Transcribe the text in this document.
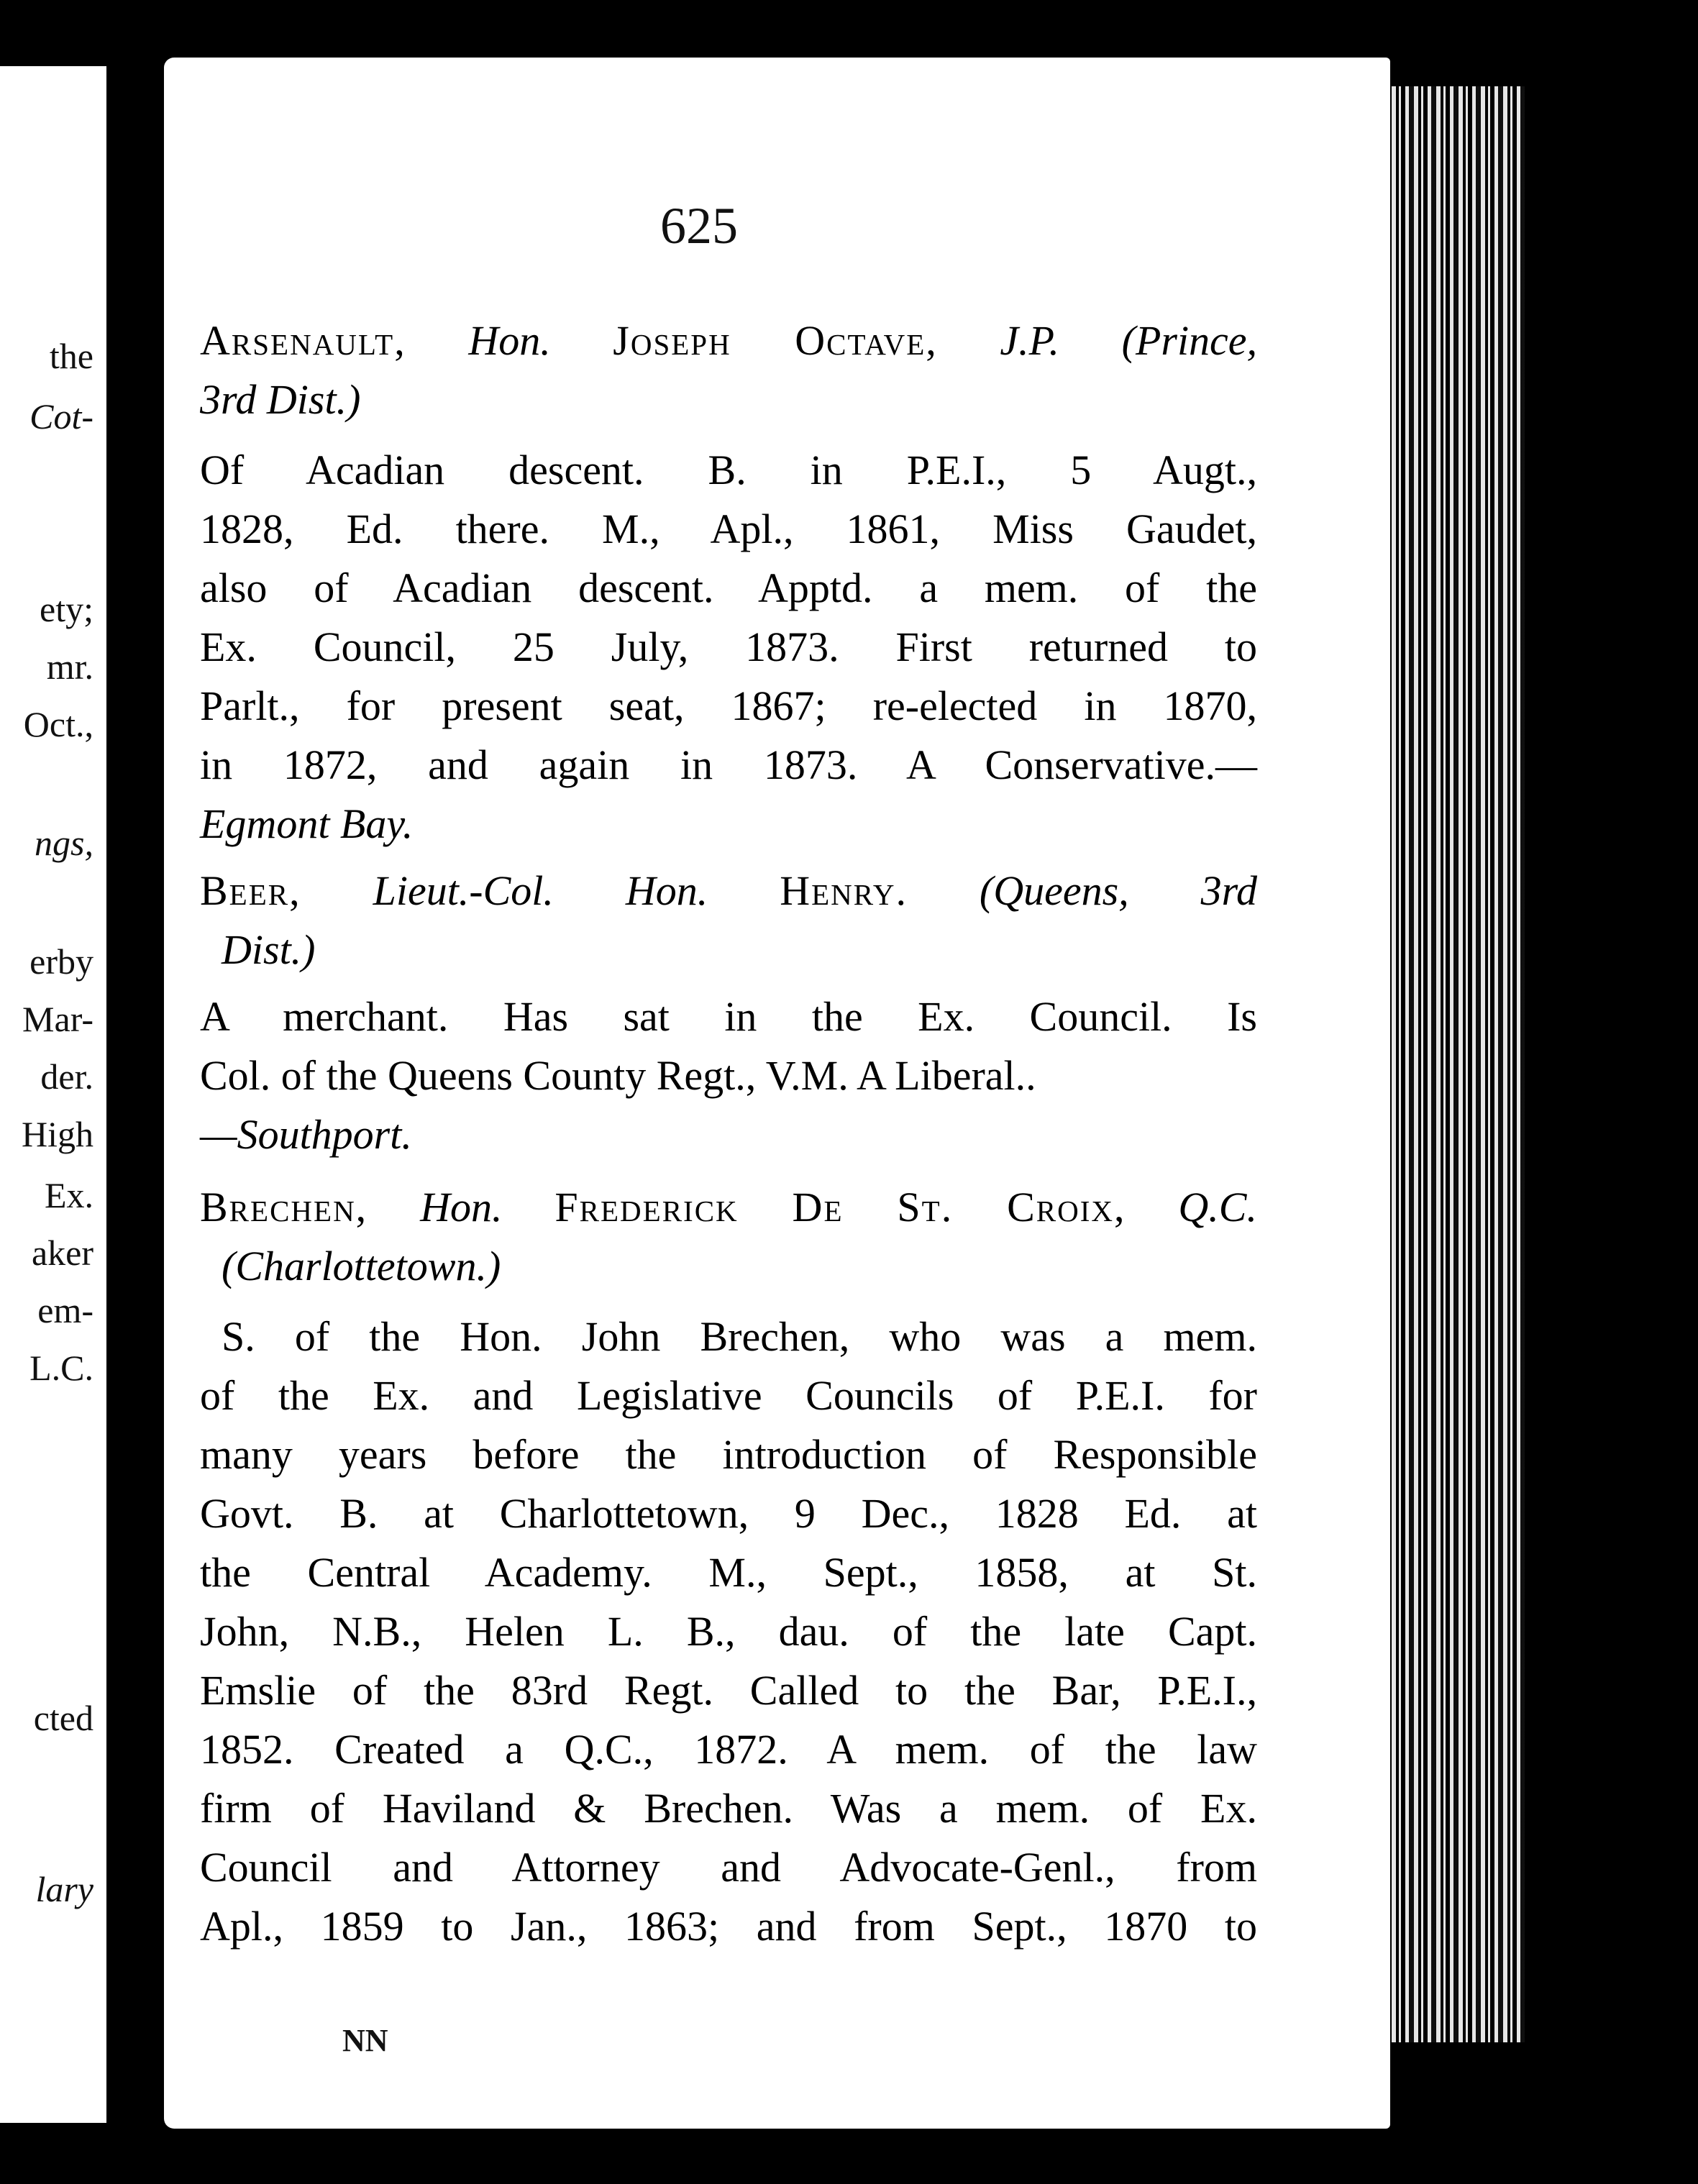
the
Cot-
ety;
mr.
Oct.,
ngs,
erby
Mar-
der.
High
Ex.
aker
em-
L.C.
cted
lary
625
Arsenault, Hon. Joseph Octave, J.P. (Prince,
3rd Dist.)
Of Acadian descent. B. in P.E.I., 5 Augt.,
1828, Ed. there. M., Apl., 1861, Miss Gaudet,
also of Acadian descent. Apptd. a mem. of the
Ex. Council, 25 July, 1873. First returned to
Parlt., for present seat, 1867; re-elected in 1870,
in 1872, and again in 1873. A Conservative.—
Egmont Bay.
Beer, Lieut.-Col. Hon. Henry. (Queens, 3rd
Dist.)
A merchant. Has sat in the Ex. Council. Is
Col. of the Queens County Regt., V.M. A Liberal..
—Southport.
Brechen, Hon. Frederick De St. Croix, Q.C.
(Charlottetown.)
S. of the Hon. John Brechen, who was a mem.
of the Ex. and Legislative Councils of P.E.I. for
many years before the introduction of Responsible
Govt. B. at Charlottetown, 9 Dec., 1828 Ed. at
the Central Academy. M., Sept., 1858, at St.
John, N.B., Helen L. B., dau. of the late Capt.
Emslie of the 83rd Regt. Called to the Bar, P.E.I.,
1852. Created a Q.C., 1872. A mem. of the law
firm of Haviland & Brechen. Was a mem. of Ex.
Council and Attorney and Advocate-Genl., from
Apl., 1859 to Jan., 1863; and from Sept., 1870 to
NN
